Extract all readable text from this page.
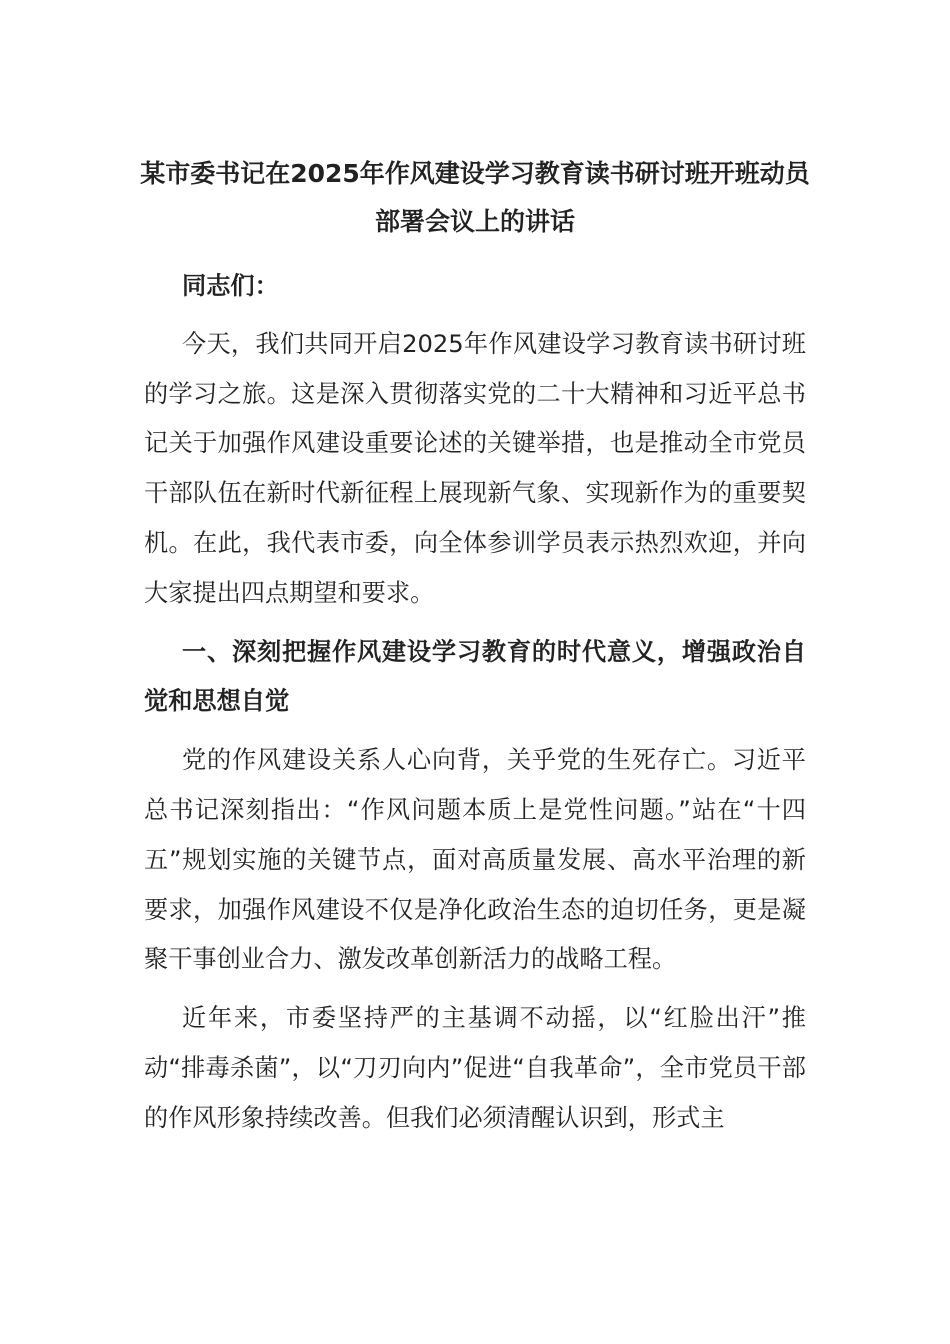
某市委书记在2025年作风建设学习教育读书研讨班开班动员部署会议上的讲话

同志们：

今天，我们共同开启2025年作风建设学习教育读书研讨班的学习之旅。这是深入贯彻落实党的二十大精神和习近平总书记关于加强作风建设重要论述的关键举措，也是推动全市党员干部队伍在新时代新征程上展现新气象、实现新作为的重要契机。在此，我代表市委，向全体参训学员表示热烈欢迎，并向大家提出四点期望和要求。

一、深刻把握作风建设学习教育的时代意义，增强政治自觉和思想自觉

党的作风建设关系人心向背，关乎党的生死存亡。习近平总书记深刻指出：“作风问题本质上是党性问题。”站在“十四五”规划实施的关键节点，面对高质量发展、高水平治理的新要求，加强作风建设不仅是净化政治生态的迫切任务，更是凝聚干事创业合力、激发改革创新活力的战略工程。

近年来，市委坚持严的主基调不动摇，以“红脸出汗”推动“排毒杀菌”，以“刀刃向内”促进“自我革命”，全市党员干部的作风形象持续改善。但我们必须清醒认识到，形式主
